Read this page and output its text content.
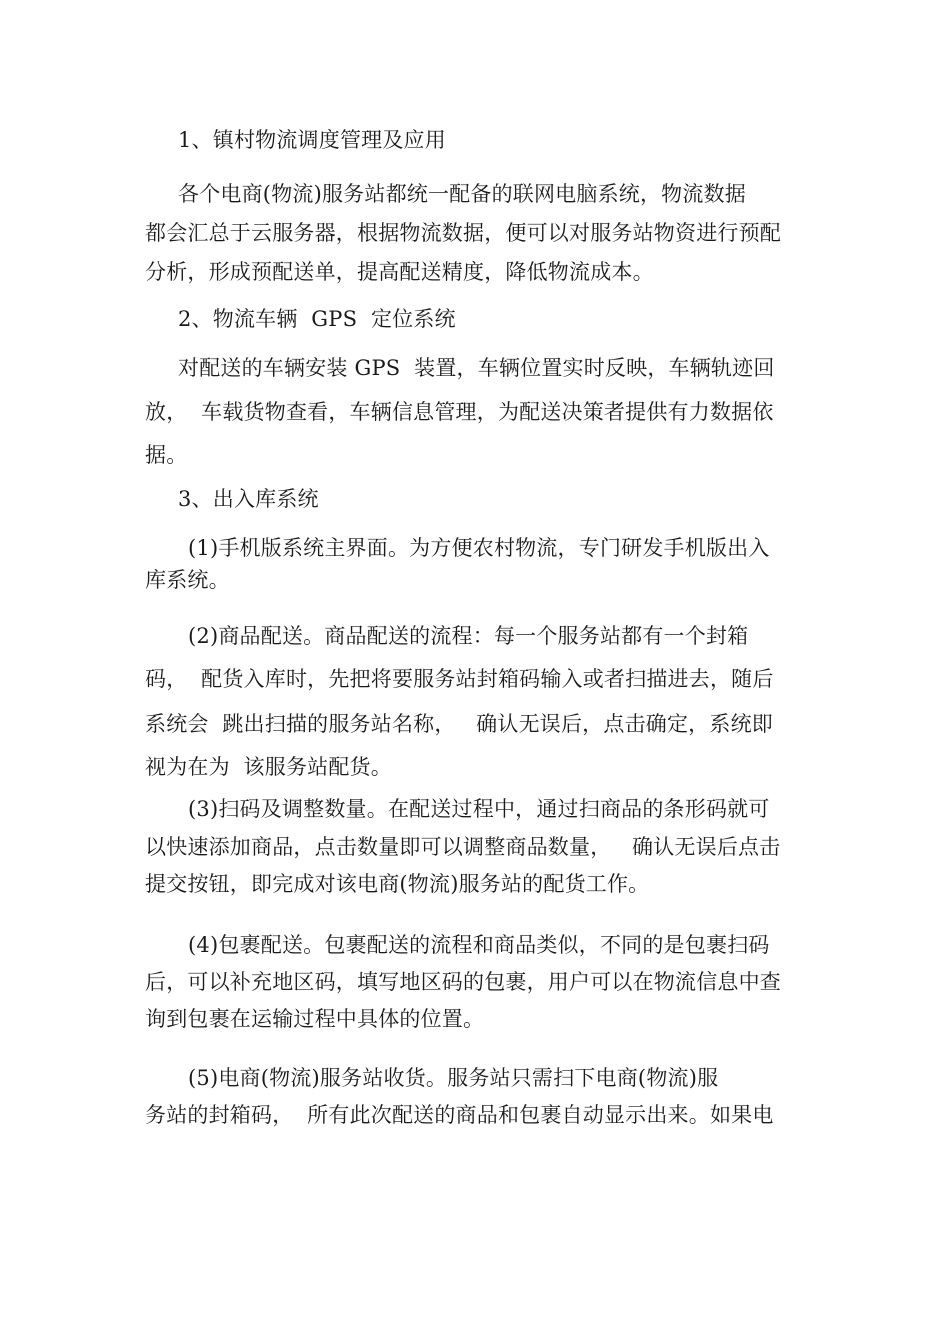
1、镇村物流调度管理及应用
各个电商(物流)服务站都统一配备的联网电脑系统，物流数据
都会汇总于云服务器，根据物流数据，便可以对服务站物资进行预配
分析，形成预配送单，提高配送精度，降低物流成本。
2、物流车辆  GPS  定位系统
对配送的车辆安装 GPS  装置，车辆位置实时反映，车辆轨迹回
放，  车载货物查看，车辆信息管理，为配送决策者提供有力数据依
据。
3、出入库系统
(1)手机版系统主界面。为方便农村物流，专门研发手机版出入
库系统。
(2)商品配送。商品配送的流程：每一个服务站都有一个封箱
码，  配货入库时，先把将要服务站封箱码输入或者扫描进去，随后
系统会  跳出扫描的服务站名称，   确认无误后，点击确定，系统即
视为在为  该服务站配货。
(3)扫码及调整数量。在配送过程中，通过扫商品的条形码就可
以快速添加商品，点击数量即可以调整商品数量，   确认无误后点击
提交按钮，即完成对该电商(物流)服务站的配货工作。
(4)包裹配送。包裹配送的流程和商品类似，不同的是包裹扫码
后，可以补充地区码，填写地区码的包裹，用户可以在物流信息中查
询到包裹在运输过程中具体的位置。
(5)电商(物流)服务站收货。服务站只需扫下电商(物流)服
务站的封箱码，  所有此次配送的商品和包裹自动显示出来。如果电
